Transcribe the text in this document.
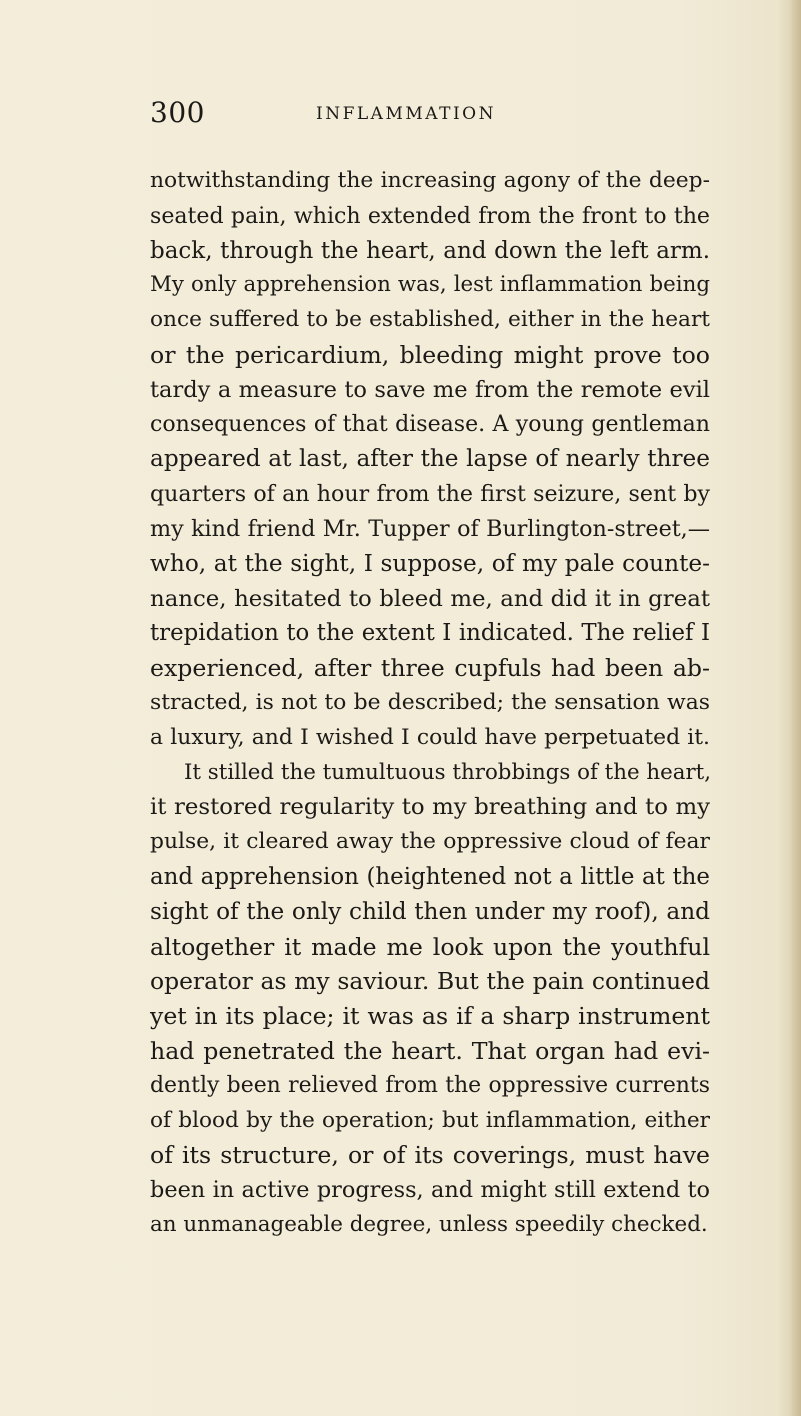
300	INFLAMMATION
notwithstanding the increasing agony of the deep-
seated pain, which extended from the front to the
back, through the heart, and down the left arm.
My only apprehension was, lest inflammation being
once suffered to be established, either in the heart
or the pericardium, bleeding might prove too
tardy a measure to save me from the remote evil
consequences of that disease. A young gentleman
appeared at last, after the lapse of nearly three
quarters of an hour from the first seizure, sent by
my kind friend Mr. Tupper of Burlington-street,—
who, at the sight, I suppose, of my pale counte-
nance, hesitated to bleed me, and did it in great
trepidation to the extent I indicated. The relief I
experienced, after three cupfuls had been ab-
stracted, is not to be described; the sensation was
a luxury, and I wished I could have perpetuated it.
It stilled the tumultuous throbbings of the heart,
it restored regularity to my breathing and to my
pulse, it cleared away the oppressive cloud of fear
and apprehension (heightened not a little at the
sight of the only child then under my roof), and
altogether it made me look upon the youthful
operator as my saviour. But the pain continued
yet in its place; it was as if a sharp instrument
had penetrated the heart. That organ had evi-
dently been relieved from the oppressive currents
of blood by the operation; but inflammation, either
of its structure, or of its coverings, must have
been in active progress, and might still extend to
an unmanageable degree, unless speedily checked.
